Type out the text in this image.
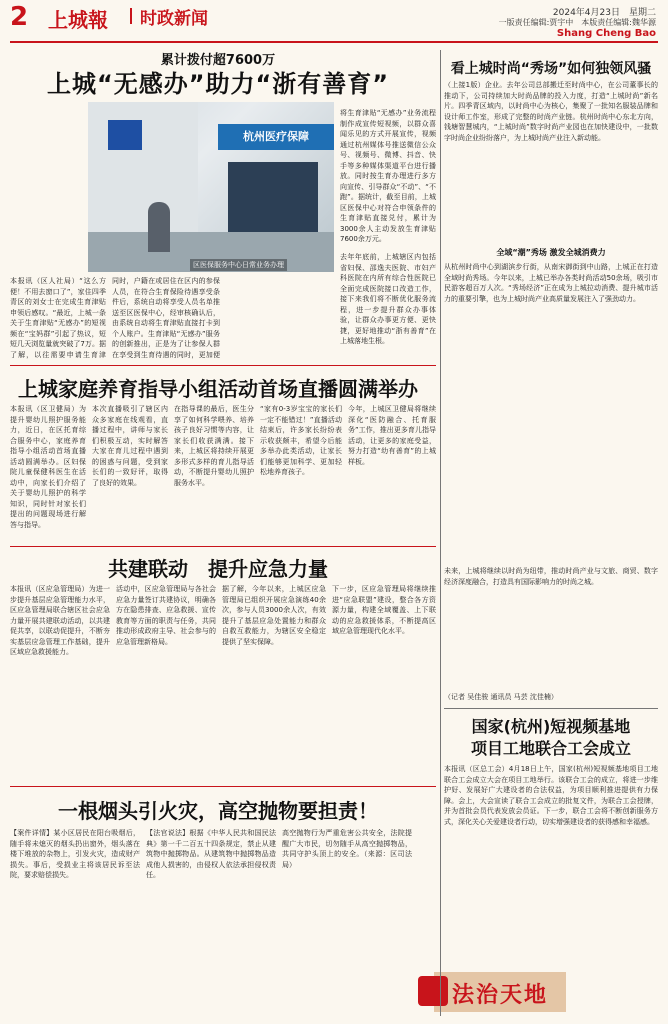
2 上城報 时政新闻	2024年4月23日　星期二
一版责任编辑:贾宇中　本版责任编辑:魏华源
Shang Cheng Bao
累计拨付超7600万
上城“无感办”助力“浙有善育”
杭州医疗保障
区医保服务中心日常业务办理
本报讯（区人社局）“这么方便！不用去窗口了”，家住四季青区的刘女士在完成生育津贴申领后感叹。“最近，上城一条关于生育津贴“无感办”的短视频在“宝妈群”引起了热议，短短几天浏览量就突破了7万。据了解，以往需要申请生育津
同时，户籍在或居住在区内的参保人员，在符合生育保险待遇享受条件后，系统自动将享受人员名单推送至区医保中心，经审核确认后，由系统自动将生育津贴直接打卡到个人账户。生育津贴“无感办”服务的创新推出，正是为了让参保人群在享受到生育待遇的同时，更加便
将生育津贴“无感办”业务流程制作成宣传短视频，以群众喜闻乐见的方式开展宣传，视频通过杭州媒体号推送微信公众号、视频号、微博、抖音、快手等多种媒体渠道平台进行播放。同时按生育办理进行多方向宣传、引导群众“不动”、“不跑”。据统计，截至目前，上城区医保中心对符合申领条件的生育津贴直接兑付，累计为3000余人主动发放生育津贴7600余万元。
去年年底前，上城辖区内包括省妇保、邵逸夫医院、市妇产科医院在内所有综合性医院已全面完成医院接口改造工作，接下来我们将不断优化服务流程，进一步提升群众办事体验，让群众办事更方便、更快捷，更好地推动“浙有善育”在上城落地生根。
上城家庭养育指导小组活动首场直播圆满举办
本报讯（区卫健局）为提升婴幼儿照护服务能力，近日，在区托育综合服务中心，家庭养育指导小组活动首场直播活动圆满举办。区妇保院儿童保健科医生在活动中，向家长们介绍了关于婴幼儿照护的科学知识，同时针对家长们提出的问题现场进行解答与指导。
本次直播吸引了辖区内众多家庭在线观看，直播过程中，讲师与家长们积极互动，实时解答大家在育儿过程中遇到的困惑与问题，受到家长们的一致好评，取得了良好的效果。
在指导课的最后，医生分享了如何科学喂养、培养孩子良好习惯等内容，让家长们收获满满。接下来，上城区将持续开展更多形式多样的育儿指导活动，不断提升婴幼儿照护服务水平。
“家有0-3岁宝宝的家长们一定不能错过！”直播活动结束后，许多家长纷纷表示收获颇丰，希望今后能多举办此类活动，让家长们能够更加科学、更加轻松地养育孩子。
今年，上城区卫健局将继续深化“医防融合、托育服务”工作，推出更多育儿指导活动，让更多的家庭受益，努力打造“幼有善育”的上城样板。
共建联动　提升应急力量
本报讯（区应急管理局）为进一步提升基层应急管理能力水平，区应急管理局联合辖区社会应急力量开展共建联动活动，以共建促共享，以联动促提升，不断夯实基层应急管理工作基础，提升区域应急救援能力。
活动中，区应急管理局与各社会应急力量签订共建协议，明确各方在隐患排查、应急救援、宣传教育等方面的职责与任务，共同推动形成政府主导、社会参与的应急管理新格局。
据了解，今年以来，上城区应急管理局已组织开展应急演练40余次，参与人员3000余人次，有效提升了基层应急处置能力和群众自救互救能力，为辖区安全稳定提供了坚实保障。
下一步，区应急管理局将继续推进“应急联盟”建设，整合各方资源力量，构建全域覆盖、上下联动的应急救援体系，不断提高区域应急管理现代化水平。
一根烟头引火灾，高空抛物要担责！
【案件详情】某小区居民在阳台吸烟后，随手将未熄灭的烟头扔出窗外，烟头落在楼下堆放的杂物上，引发火灾，造成财产损失。事后，受损业主将该居民诉至法院，要求赔偿损失。
【法官说法】根据《中华人民共和国民法典》第一千二百五十四条规定，禁止从建筑物中抛掷物品。从建筑物中抛掷物品造成他人损害的，由侵权人依法承担侵权责任。
高空抛物行为严重危害公共安全，法院提醒广大市民，切勿随手从高空抛掷物品，共同守护头顶上的安全。（来源：区司法局）
法治天地
看上城时尚“秀场”如何独领风骚
（上接1版）企业。去年公司总部搬迁至时尚中心，在公司董事长的推动下，公司持续加大时尚品牌的投入力度，打造“上城时尚”新名片。四季青区域内，以时尚中心为核心，集聚了一批知名服装品牌和设计师工作室，形成了完整的时尚产业链。杭州时尚中心东北方向，钱塘智慧城内，“上城时尚”数字时尚产业园也在加快建设中，一批数字时尚企业纷纷落户，为上城时尚产业注入新动能。
全域“潮”秀场 激发全城消费力
从杭州时尚中心到湖滨步行街，从南宋御街到中山路，上城正在打造全域时尚秀场。今年以来，上城已举办各类时尚活动50余场，吸引市民游客超百万人次。“秀场经济”正在成为上城拉动消费、提升城市活力的重要引擎，也为上城时尚产业高质量发展注入了强劲动力。
未来，上城将继续以时尚为纽带，推动时尚产业与文旅、商贸、数字经济深度融合，打造具有国际影响力的时尚之城。
（记者 吴佳骏 通讯员 马芸 沈佳楠）
国家(杭州)短视频基地
项目工地联合工会成立
本报讯（区总工会）4月18日上午，国家(杭州)短视频基地项目工地联合工会成立大会在项目工地举行。该联合工会的成立，将进一步维护好、发展好广大建设者的合法权益，为项目顺利推进提供有力保障。会上，大会宣读了联合工会成立的批复文件，为联合工会授牌，并为首批会员代表发放会员证。下一步，联合工会将不断创新服务方式，深化关心关爱建设者行动，切实增强建设者的获得感和幸福感。
